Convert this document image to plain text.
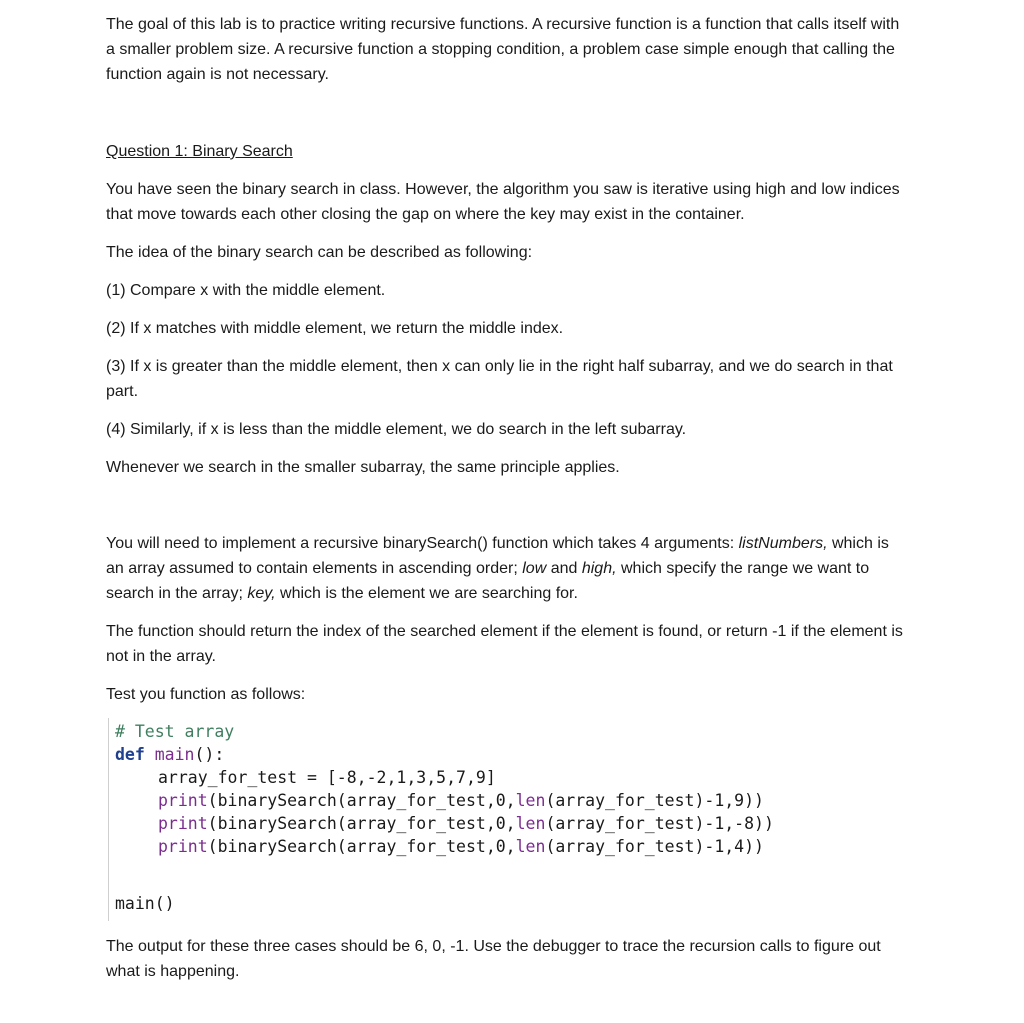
The goal of this lab is to practice writing recursive functions. A recursive function is a function that calls itself with a smaller problem size. A recursive function a stopping condition, a problem case simple enough that calling the function again is not necessary.

Question 1: Binary Search

You have seen the binary search in class. However, the algorithm you saw is iterative using high and low indices that move towards each other closing the gap on where the key may exist in the container.

The idea of the binary search can be described as following:

(1) Compare x with the middle element.

(2) If x matches with middle element, we return the middle index.

(3) If x is greater than the middle element, then x can only lie in the right half subarray, and we do search in that part.

(4) Similarly, if x is less than the middle element, we do search in the left subarray.

Whenever we search in the smaller subarray, the same principle applies.

You will need to implement a recursive binarySearch() function which takes 4 arguments: listNumbers, which is an array assumed to contain elements in ascending order; low and high, which specify the range we want to search in the array; key, which is the element we are searching for.

The function should return the index of the searched element if the element is found, or return -1 if the element is not in the array.

Test you function as follows:

# Test array
def main():
array_for_test = [-8,-2,1,3,5,7,9]
print(binarySearch(array_for_test,0,len(array_for_test)-1,9))
print(binarySearch(array_for_test,0,len(array_for_test)-1,-8))
print(binarySearch(array_for_test,0,len(array_for_test)-1,4))
main()

The output for these three cases should be 6, 0, -1. Use the debugger to trace the recursion calls to figure out what is happening.
